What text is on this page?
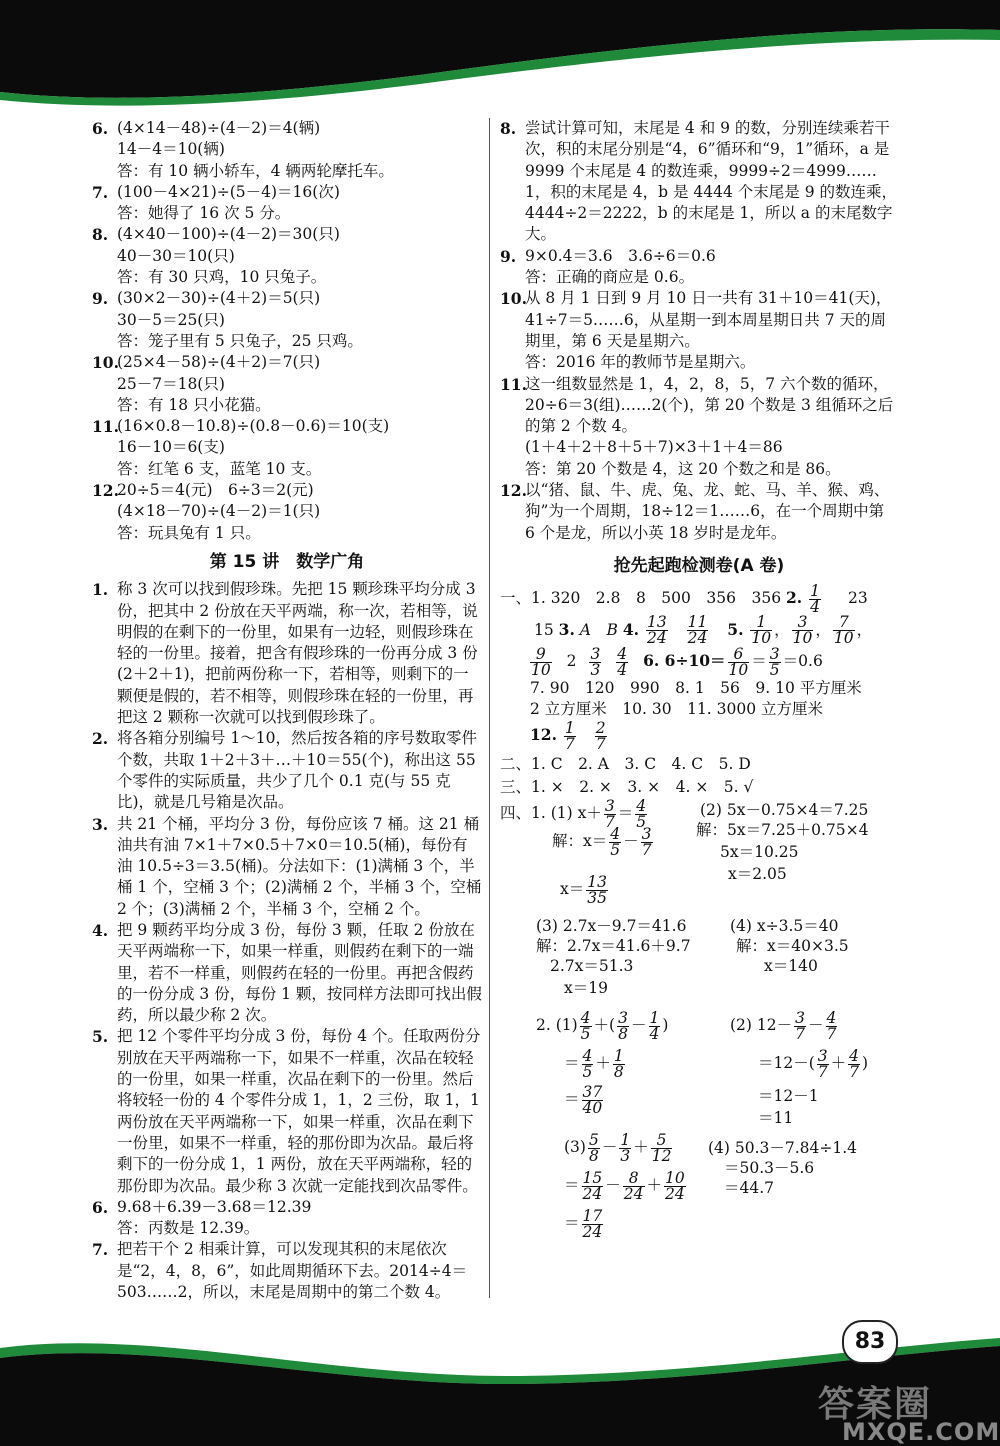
6. (4×14－48)÷(4－2)＝4(辆)
14－4＝10(辆)
答：有 10 辆小轿车，4 辆两轮摩托车。
7. (100－4×21)÷(5－4)＝16(次)
答：她得了 16 次 5 分。
8. (4×40－100)÷(4－2)＝30(只)
40－30＝10(只)
答：有 30 只鸡，10 只兔子。
9. (30×2－30)÷(4＋2)＝5(只)
30－5＝25(只)
答：笼子里有 5 只兔子，25 只鸡。
10.
(25×4－58)÷(4＋2)＝7(只)
25－7＝18(只)
答：有 18 只小花猫。
11.
(16×0.8－10.8)÷(0.8－0.6)＝10(支)
16－10＝6(支)
答：红笔 6 支，蓝笔 10 支。
12.
20÷5＝4(元)　6÷3＝2(元)
(4×18－70)÷(4－2)＝1(只)
答：玩具兔有 1 只。
第 15 讲　数学广角
1. 称 3 次可以找到假珍珠。先把 15 颗珍珠平均分成 3 份，把其中 2 份放在天平两端，称一次，若相等，说明假的在剩下的一份里，如果有一边轻，则假珍珠在轻的一份里。接着，把含有假珍珠的一份再分成 3 份(2＋2＋1)，把前两份称一下，若相等，则剩下的一颗便是假的，若不相等，则假珍珠在轻的一份里，再把这 2 颗称一次就可以找到假珍珠了。
2. 将各箱分别编号 1～10，然后按各箱的序号数取零件个数，共取 1＋2＋3＋…＋10＝55(个)，称出这 55 个零件的实际质量，共少了几个 0.1 克(与 55 克比)，就是几号箱是次品。
3. 共 21 个桶，平均分 3 份，每份应该 7 桶。这 21 桶油共有油 7×1＋7×0.5＋7×0＝10.5(桶)，每份有油 10.5÷3＝3.5(桶)。分法如下：(1)满桶 3 个，半桶 1 个，空桶 3 个；(2)满桶 2 个，半桶 3 个，空桶 2 个；(3)满桶 2 个，半桶 3 个，空桶 2 个。
4. 把 9 颗药平均分成 3 份，每份 3 颗，任取 2 份放在天平两端称一下，如果一样重，则假药在剩下的一端里，若不一样重，则假药在轻的一份里。再把含假药的一份分成 3 份，每份 1 颗，按同样方法即可找出假药，所以最少称 2 次。
5. 把 12 个零件平均分成 3 份，每份 4 个。任取两份分别放在天平两端称一下，如果不一样重，次品在较轻的一份里，如果一样重，次品在剩下的一份里。然后将较轻一份的 4 个零件分成 1，1，2 三份，取 1，1 两份放在天平两端称一下，如果一样重，次品在剩下一份里，如果不一样重，轻的那份即为次品。最后将剩下的一份分成 1，1 两份，放在天平两端称，轻的那份即为次品。最少称 3 次就一定能找到次品零件。
6. 9.68＋6.39－3.68＝12.39
答：丙数是 12.39。
7. 把若干个 2 相乘计算，可以发现其积的末尾依次是“2，4，8，6”，如此周期循环下去。2014÷4＝503……2，所以，末尾是周期中的第二个数 4。
8. 尝试计算可知，末尾是 4 和 9 的数，分别连续乘若干次，积的末尾分别是“4，6”循环和“9，1”循环，a 是 9999 个末尾是 4 的数连乘，9999÷2＝4999……1，积的末尾是 4，b 是 4444 个末尾是 9 的数连乘，4444÷2＝2222，b 的末尾是 1，所以 a 的末尾数字大。
9. 9×0.4＝3.6　3.6÷6＝0.6
答：正确的商应是 0.6。
10.
从 8 月 1 日到 9 月 10 日一共有 31＋10＝41(天)，41÷7＝5……6，从星期一到本周星期日共 7 天的周期里，第 6 天是星期六。
答：2016 年的教师节是星期六。
11.
这一组数显然是 1，4，2，8，5，7 六个数的循环，20÷6＝3(组)……2(个)，第 20 个数是 3 组循环之后的第 2 个数 4。
(1＋4＋2＋8＋5＋7)×3＋1＋4＝86
答：第 20 个数是 4，这 20 个数之和是 86。
12.
以“猪、鼠、牛、虎、兔、龙、蛇、马、羊、猴、鸡、狗”为一个周期，18÷12＝1……6，在一个周期中第 6 个是龙，所以小英 18 岁时是龙年。
抢先起跑检测卷(A 卷)
一、1. 320　2.8　8　500　356　356 2. $\frac{1}{4} 23$
15 3. A　B 4. $\frac{13}{24}$
$\frac{11}{24} 5$. $\frac{1}{10}$ ， $\frac{3}{10}$ ， $\frac{7}{10}$ ，
$\frac{9}{10} 2 \frac{3}{3}$
$\frac{4}{4} 6$. $6\div 10= \frac{6}{10} = \frac{3}{5} =0.6$
7. 90　120　990　8. 1　56　9. 10 平方厘米
2 立方厘米　10. 30　11. 3000 立方厘米
12. $\frac{1}{7}$
$\frac{2}{7}$
二、1. C　2. A　3. C　4. C　5. D
三、1. ×　2. ×　3. ×　4. ×　5. √
四、1. (1) $x+ \frac{3}{7} = \frac{4}{5}$	(2) 5x－0.75×4＝7.25
解：$x= \frac{4}{5} - \frac{3}{7}$	解：5x＝7.25＋0.75×4
5x＝10.25
x＝2.05
$x= \frac{13}{35}$
(3) 2.7x－9.7＝41.6
解：2.7x＝41.6＋9.7
2.7x＝51.3
x＝19
(4) x÷3.5＝40
解：x＝40×3.5
x＝140
2. $(1) \frac{4}{5}$ ＋( $\frac{3}{8} - \frac{1}{4}$ )
＝ $\frac{4}{5} + \frac{1}{8}$
＝ $\frac{37}{40}$
(2) $12- \frac{3}{7} - \frac{4}{7}$
$=12-( \frac{3}{7} + \frac{4}{7}$ )
＝12－1
＝11
$(3) \frac{5}{8} - \frac{1}{3} + \frac{5}{12}$
＝ $\frac{15}{24} - \frac{8}{24} + \frac{10}{24}$
＝ $\frac{17}{24}$
(4) 50.3－7.84÷1.4
＝50.3－5.6
＝44.7
83
答案圈
MXQE.COM
